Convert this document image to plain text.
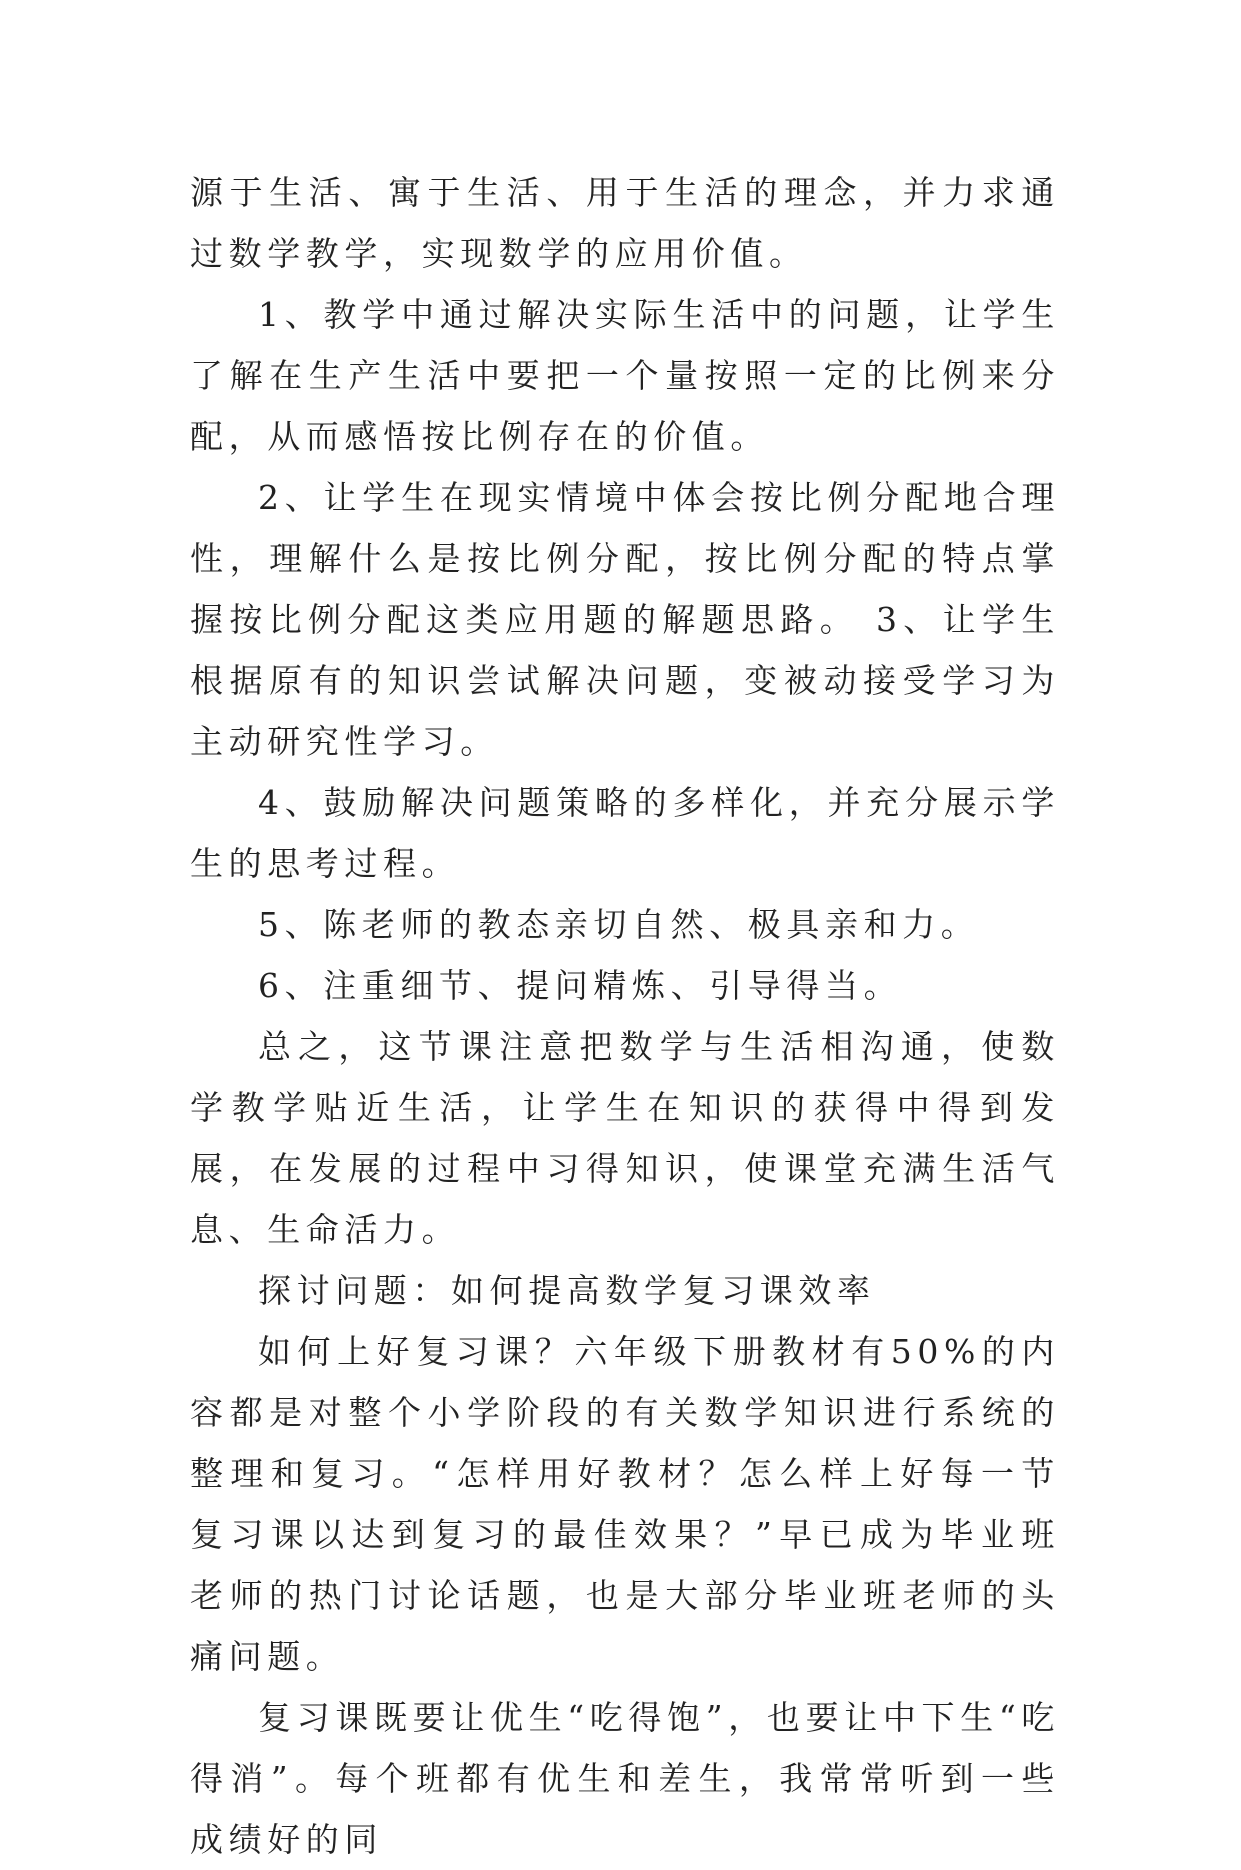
源于生活、寓于生活、用于生活的理念，并力求通过数学教学，实现数学的应用价值。

1、教学中通过解决实际生活中的问题，让学生了解在生产生活中要把一个量按照一定的比例来分配，从而感悟按比例存在的价值。

2、让学生在现实情境中体会按比例分配地合理性，理解什么是按比例分配，按比例分配的特点掌握按比例分配这类应用题的解题思路。 3、让学生根据原有的知识尝试解决问题，变被动接受学习为主动研究性学习。

4、鼓励解决问题策略的多样化，并充分展示学生的思考过程。

5、陈老师的教态亲切自然、极具亲和力。

6、注重细节、提问精炼、引导得当。

总之，这节课注意把数学与生活相沟通，使数学教学贴近生活，让学生在知识的获得中得到发展，在发展的过程中习得知识，使课堂充满生活气息、生命活力。

探讨问题：如何提高数学复习课效率

如何上好复习课？六年级下册教材有50%的内容都是对整个小学阶段的有关数学知识进行系统的整理和复习。“怎样用好教材？怎么样上好每一节复习课以达到复习的最佳效果？”早已成为毕业班老师的热门讨论话题，也是大部分毕业班老师的头痛问题。

复习课既要让优生“吃得饱”，也要让中下生“吃得消”。每个班都有优生和差生，我常常听到一些成绩好的同
